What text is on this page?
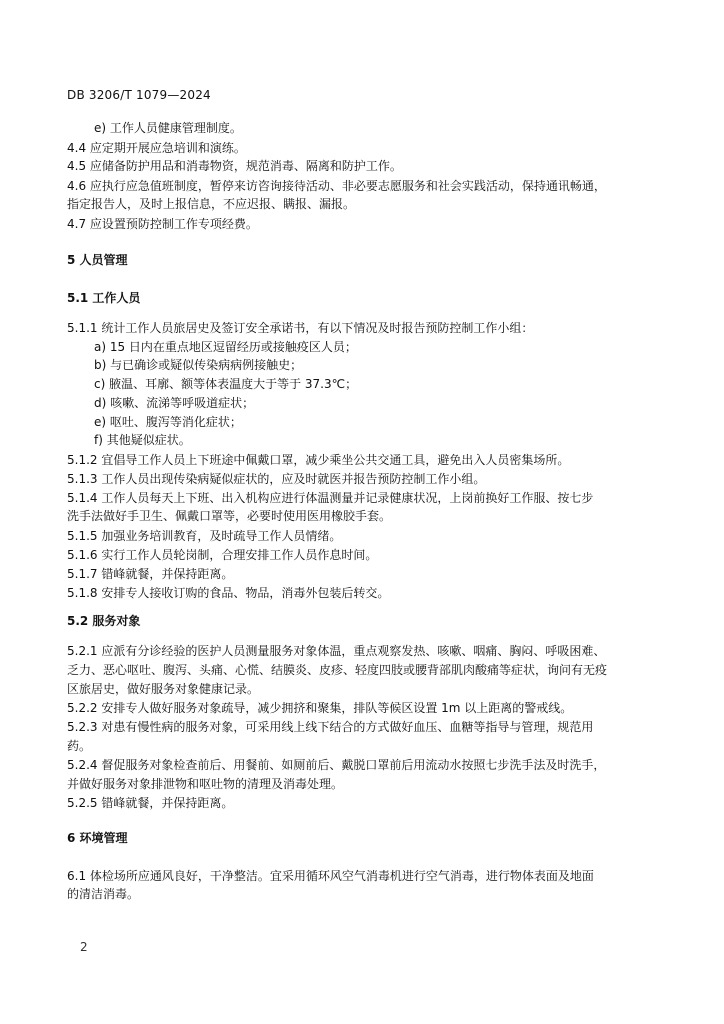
DB 3206/T 1079—2024
e) 工作人员健康管理制度。
4.4 应定期开展应急培训和演练。
4.5 应储备防护用品和消毒物资，规范消毒、隔离和防护工作。
4.6 应执行应急值班制度，暂停来访咨询接待活动、非必要志愿服务和社会实践活动，保持通讯畅通，
指定报告人，及时上报信息，不应迟报、瞒报、漏报。
4.7 应设置预防控制工作专项经费。
5 人员管理
5.1 工作人员
5.1.1 统计工作人员旅居史及签订安全承诺书，有以下情况及时报告预防控制工作小组：
a) 15 日内在重点地区逗留经历或接触疫区人员；
b) 与已确诊或疑似传染病病例接触史；
c) 腋温、耳廓、额等体表温度大于等于 37.3℃；
d) 咳嗽、流涕等呼吸道症状；
e) 呕吐、腹泻等消化症状；
f) 其他疑似症状。
5.1.2 宜倡导工作人员上下班途中佩戴口罩，减少乘坐公共交通工具，避免出入人员密集场所。
5.1.3 工作人员出现传染病疑似症状的，应及时就医并报告预防控制工作小组。
5.1.4 工作人员每天上下班、出入机构应进行体温测量并记录健康状况，上岗前换好工作服、按七步
洗手法做好手卫生、佩戴口罩等，必要时使用医用橡胶手套。
5.1.5 加强业务培训教育，及时疏导工作人员情绪。
5.1.6 实行工作人员轮岗制，合理安排工作人员作息时间。
5.1.7 错峰就餐，并保持距离。
5.1.8 安排专人接收订购的食品、物品，消毒外包装后转交。
5.2 服务对象
5.2.1 应派有分诊经验的医护人员测量服务对象体温，重点观察发热、咳嗽、咽痛、胸闷、呼吸困难、
乏力、恶心呕吐、腹泻、头痛、心慌、结膜炎、皮疹、轻度四肢或腰背部肌肉酸痛等症状，询问有无疫
区旅居史，做好服务对象健康记录。
5.2.2 安排专人做好服务对象疏导，减少拥挤和聚集，排队等候区设置 1m 以上距离的警戒线。
5.2.3 对患有慢性病的服务对象，可采用线上线下结合的方式做好血压、血糖等指导与管理，规范用
药。
5.2.4 督促服务对象检查前后、用餐前、如厕前后、戴脱口罩前后用流动水按照七步洗手法及时洗手，
并做好服务对象排泄物和呕吐物的清理及消毒处理。
5.2.5 错峰就餐，并保持距离。
6 环境管理
6.1 体检场所应通风良好，干净整洁。宜采用循环风空气消毒机进行空气消毒，进行物体表面及地面
的清洁消毒。
2
